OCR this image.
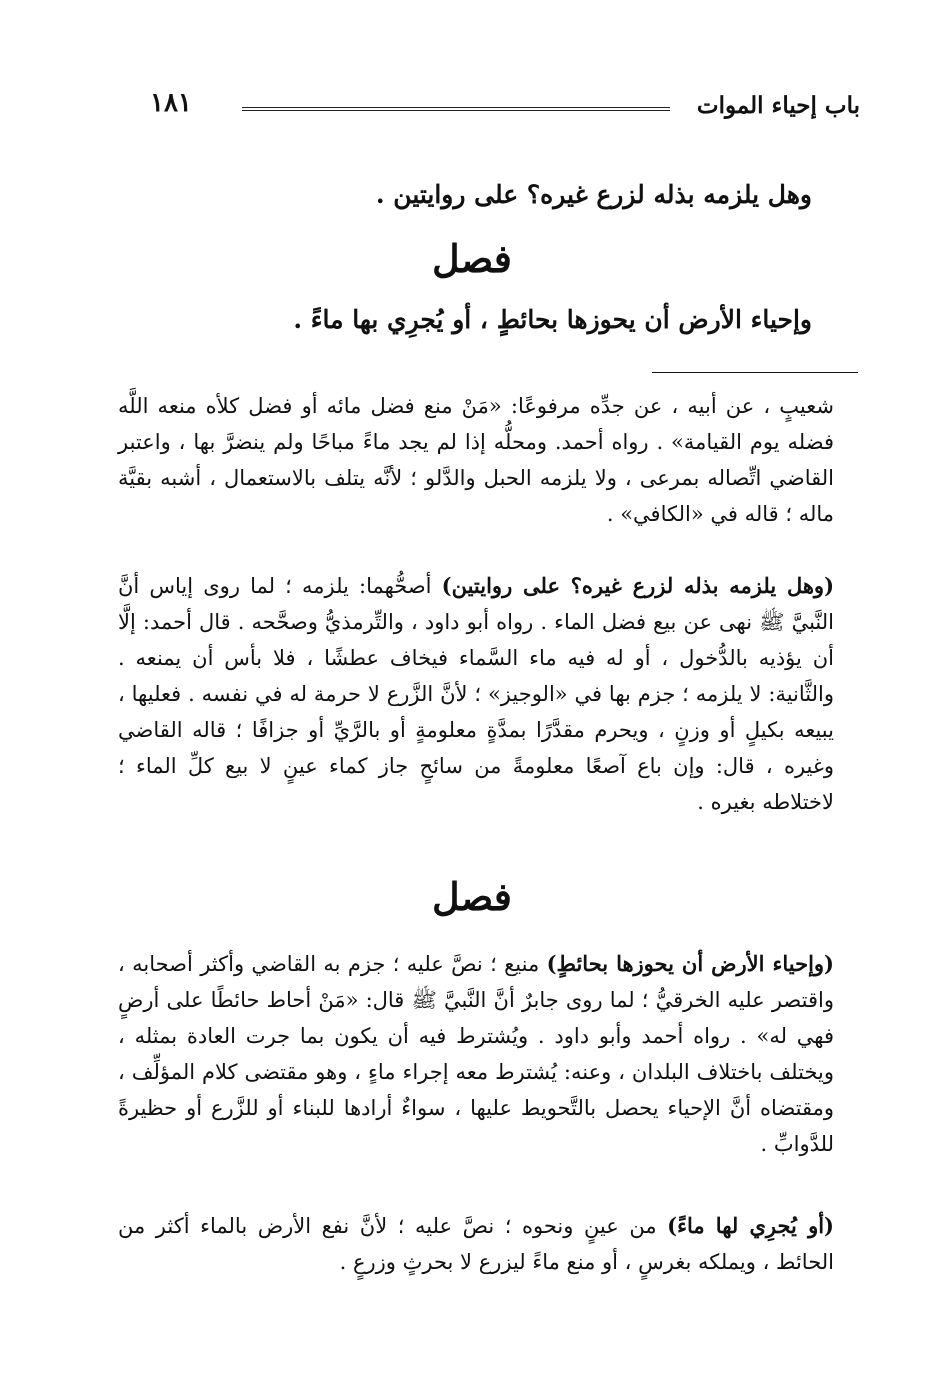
باب إحياء الموات
١٨١
وهل يلزمه بذله لزرع غيره؟ على روايتين .
فصل
وإحياء الأرض أن يحوزها بحائطٍ ، أو يُجرِي بها ماءً .
شعيبٍ ، عن أبيه ، عن جدِّه مرفوعًا: «مَنْ منع فضل مائه أو فضل كلأه منعه اللَّه فضله يوم القيامة» . رواه أحمد. ومحلُّه إذا لم يجد ماءً مباحًا ولم ينضرَّ بها ، واعتبر القاضي اتِّصاله بمرعى ، ولا يلزمه الحبل والدَّلو ؛ لأنَّه يتلف بالاستعمال ، أشبه بقيَّة ماله ؛ قاله في «الكافي» .
(وهل يلزمه بذله لزرع غيره؟ على روايتين) أصحُّهما: يلزمه ؛ لما روى إياس أنَّ النَّبيَّ ﷺ نهى عن بيع فضل الماء . رواه أبو داود ، والتِّرمذيُّ وصحَّحه . قال أحمد: إلَّا أن يؤذيه بالدُّخول ، أو له فيه ماء السَّماء فيخاف عطشًا ، فلا بأس أن يمنعه . والثَّانية: لا يلزمه ؛ جزم بها في «الوجيز» ؛ لأنَّ الزَّرع لا حرمة له في نفسه . فعليها ، يبيعه بكيلٍ أو وزنٍ ، ويحرم مقدَّرًا بمدَّةٍ معلومةٍ أو بالرَّيِّ أو جزافًا ؛ قاله القاضي وغيره ، قال: وإن باع آصعًا معلومةً من سائحٍ جاز كماء عينٍ لا بيع كلِّ الماء ؛ لاختلاطه بغيره .
فصل
(وإحياء الأرض أن يحوزها بحائطٍ) منيع ؛ نصَّ عليه ؛ جزم به القاضي وأكثر أصحابه ، واقتصر عليه الخرقيُّ ؛ لما روى جابرٌ أنَّ النَّبيَّ ﷺ قال: «مَنْ أحاط حائطًا على أرضٍ فهي له» . رواه أحمد وأبو داود . ويُشترط فيه أن يكون بما جرت العادة بمثله ، ويختلف باختلاف البلدان ، وعنه: يُشترط معه إجراء ماءٍ ، وهو مقتضى كلام المؤلِّف ، ومقتضاه أنَّ الإحياء يحصل بالتَّحويط عليها ، سواءٌ أرادها للبناء أو للزَّرع أو حظيرةً للدَّوابِّ .
(أو يُجرِي لها ماءً) من عينٍ ونحوه ؛ نصَّ عليه ؛ لأنَّ نفع الأرض بالماء أكثر من الحائط ، ويملكه بغرسٍ ، أو منع ماءً ليزرع لا بحرثٍ وزرعٍ .
